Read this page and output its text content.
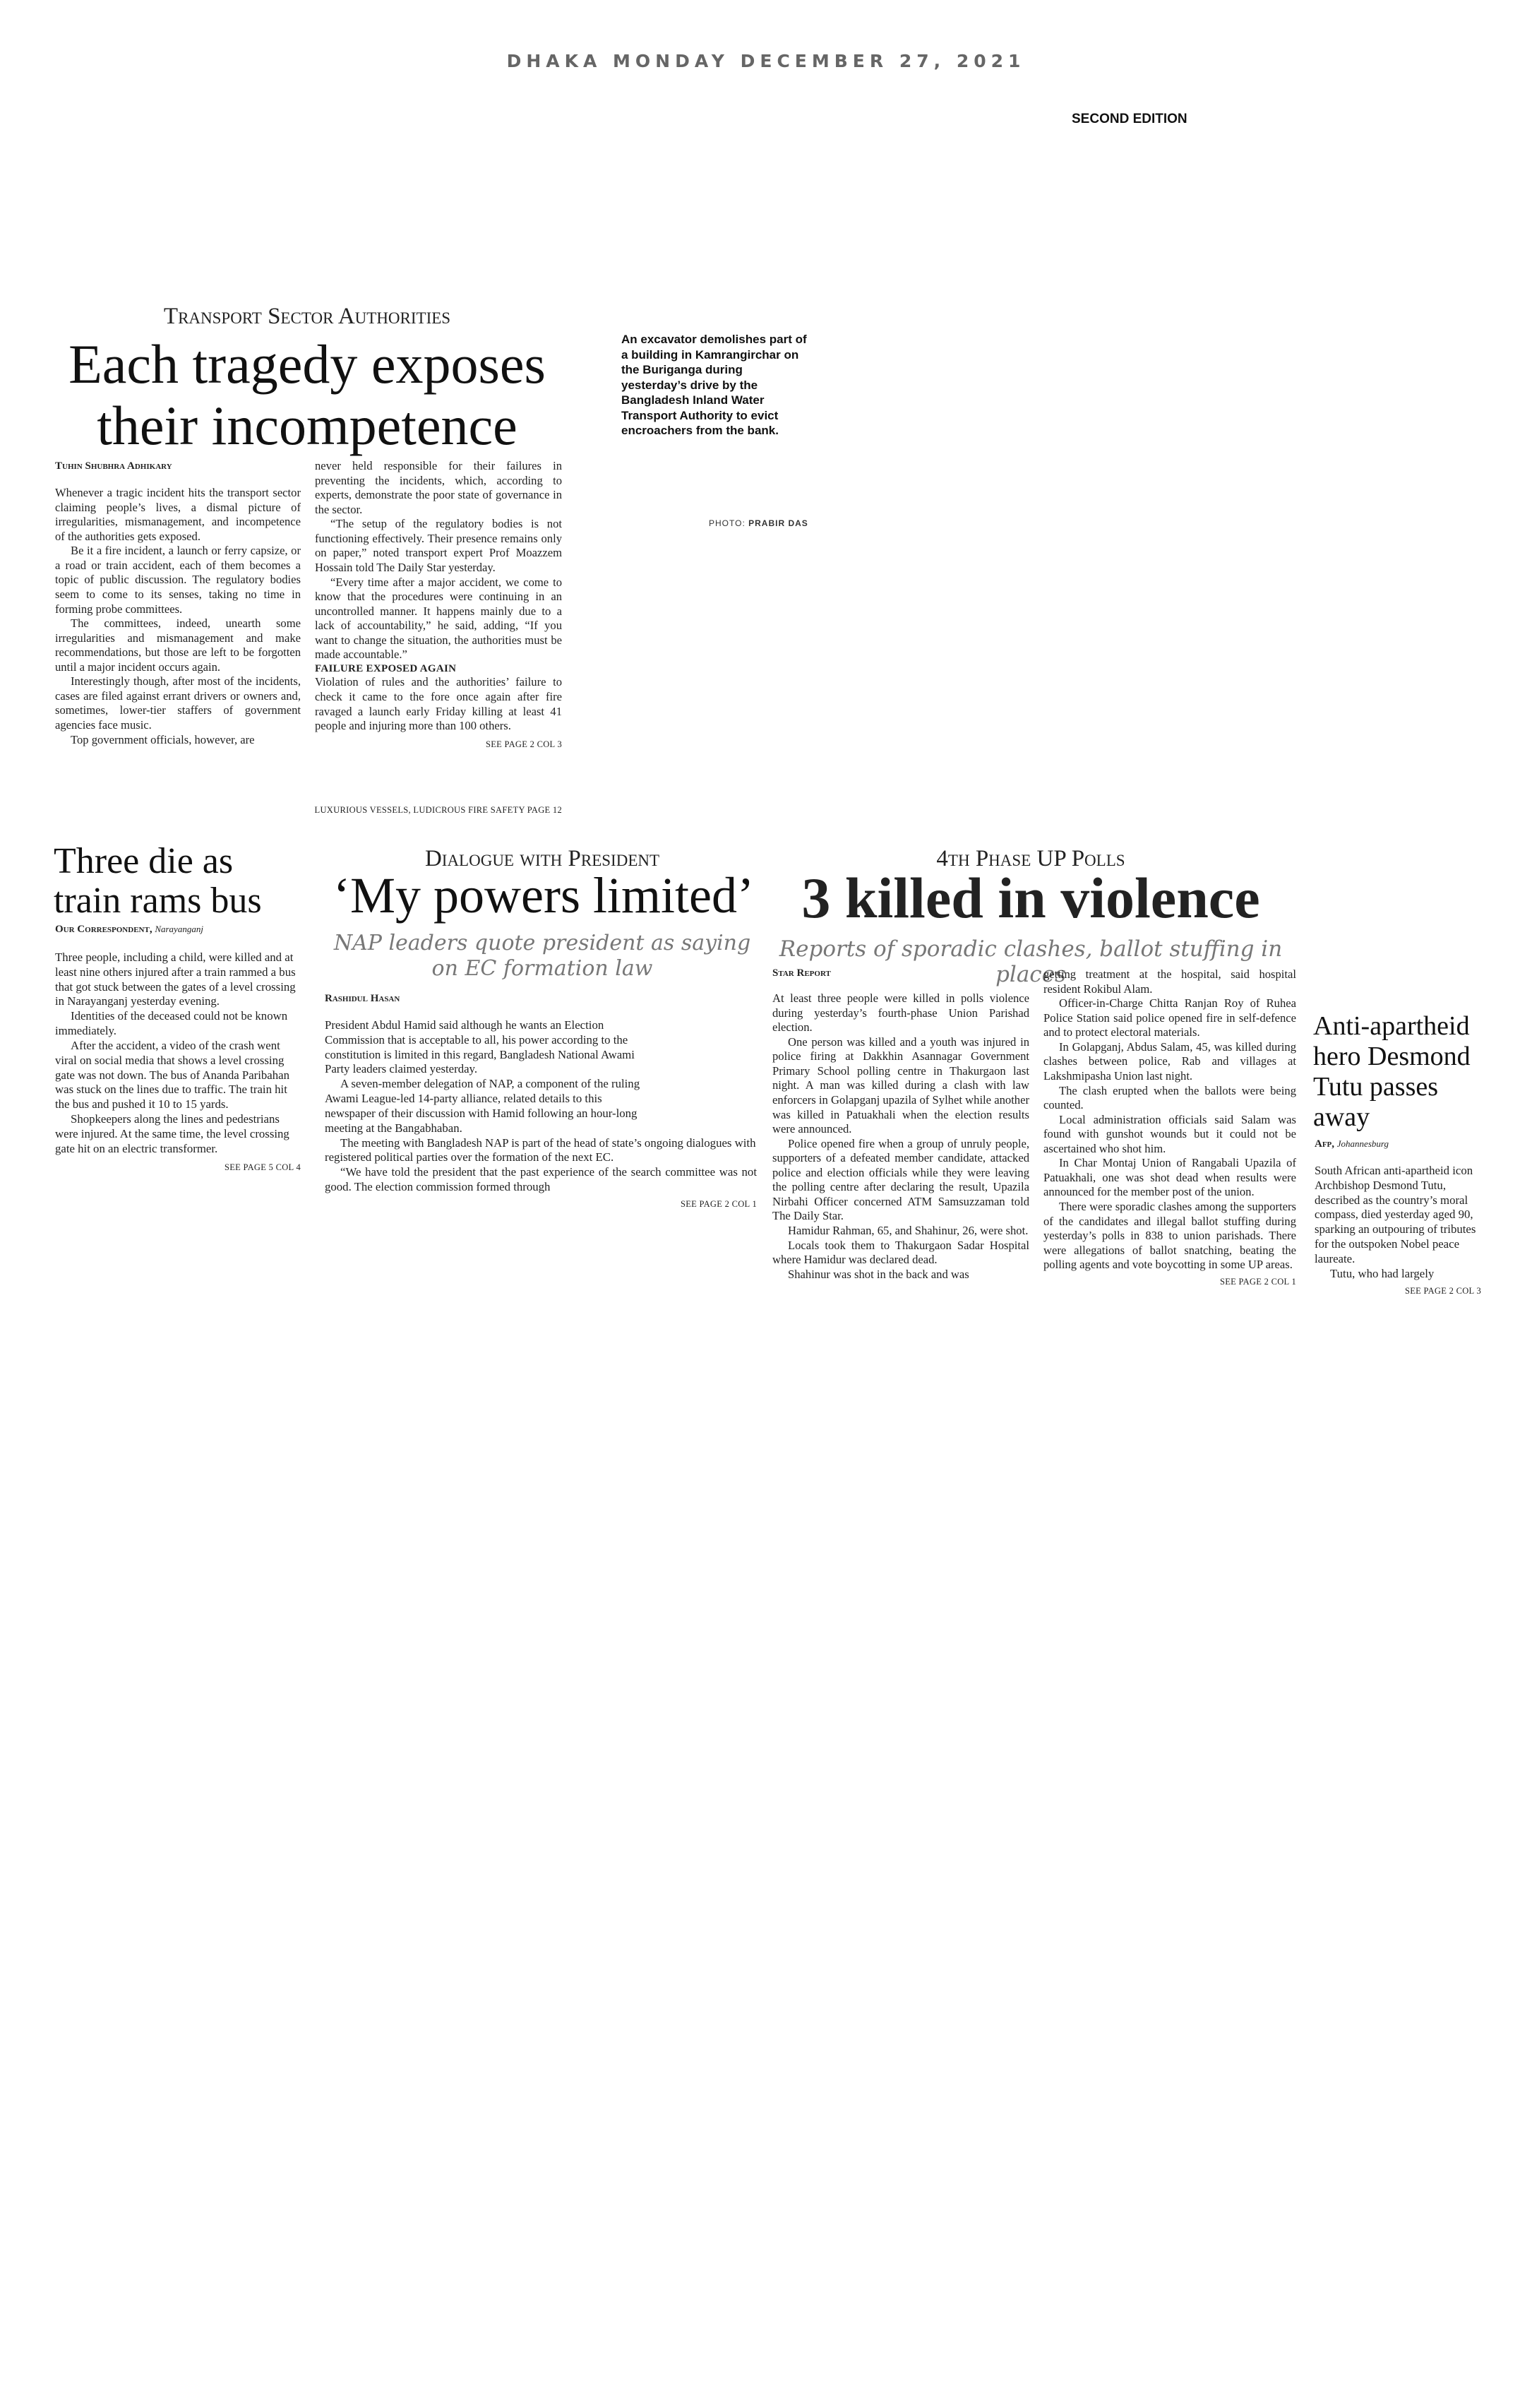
DHAKA MONDAY DECEMBER 27, 2021
SECOND EDITION
Transport Sector Authorities
Each tragedy exposes
their incompetence
Tuhin Shubhra Adhikary

Whenever a tragic incident hits the transport sector claiming people’s lives, a dismal picture of irregularities, mismanagement, and incompetence of the authorities gets exposed.

Be it a fire incident, a launch or ferry capsize, or a road or train accident, each of them becomes a topic of public discussion. The regulatory bodies seem to come to its senses, taking no time in forming probe committees.

The committees, indeed, unearth some irregularities and mismanagement and make recommendations, but those are left to be forgotten until a major incident occurs again.

Interestingly though, after most of the incidents, cases are filed against errant drivers or owners and, sometimes, lower-tier staffers of government agencies face music.

Top government officials, however, are

never held responsible for their failures in preventing the incidents, which, according to experts, demonstrate the poor state of governance in the sector.

“The setup of the regulatory bodies is not functioning effectively. Their presence remains only on paper,” noted transport expert Prof Moazzem Hossain told The Daily Star yesterday.

“Every time after a major accident, we come to know that the procedures were continuing in an uncontrolled manner. It happens mainly due to a lack of accountability,” he said, adding, “If you want to change the situation, the authorities must be made accountable.”

FAILURE EXPOSED AGAIN

Violation of rules and the authorities’ failure to check it came to the fore once again after fire ravaged a launch early Friday killing at least 41 people and injuring more than 100 others.

SEE PAGE 2 COL 3
LUXURIOUS VESSELS, LUDICROUS FIRE SAFETY PAGE 12
An excavator demolishes part of a building in Kamrangirchar on the Buriganga during yesterday’s drive by the Bangladesh Inland Water Transport Authority to evict encroachers from the bank.
PHOTO: PRABIR DAS
Three die as
train rams bus
Our Correspondent, Narayanganj

Three people, including a child, were killed and at least nine others injured after a train rammed a bus that got stuck between the gates of a level crossing in Narayanganj yesterday evening.

Identities of the deceased could not be known immediately.

After the accident, a video of the crash went viral on social media that shows a level crossing gate was not down. The bus of Ananda Paribahan was stuck on the lines due to traffic. The train hit the bus and pushed it 10 to 15 yards.

Shopkeepers along the lines and pedestrians were injured. At the same time, the level crossing gate hit on an electric transformer.

SEE PAGE 5 COL 4
Dialogue with President
‘My powers limited’
NAP leaders quote president as saying
on EC formation law
Rashidul Hasan

President Abdul Hamid said although he wants an Election Commission that is acceptable to all, his power according to the constitution is limited in this regard, Bangladesh National Awami Party leaders claimed yesterday.

A seven-member delegation of NAP, a component of the ruling Awami League-led 14-party alliance, related details to this newspaper of their discussion with Hamid following an hour-long meeting at the Bangabhaban.

The meeting with Bangladesh NAP is part of the head of state’s ongoing dialogues with registered political parties over the formation of the next EC.

“We have told the president that the past experience of the search committee was not good. The election commission formed through

SEE PAGE 2 COL 1
4th Phase UP Polls
3 killed in violence
Reports of sporadic clashes, ballot stuffing in places
Star Report

At least three people were killed in polls violence during yesterday’s fourth-phase Union Parishad election.

One person was killed and a youth was injured in police firing at Dakkhin Asannagar Government Primary School polling centre in Thakurgaon last night. A man was killed during a clash with law enforcers in Golapganj upazila of Sylhet while another was killed in Patuakhali when the election results were announced.

Police opened fire when a group of unruly people, supporters of a defeated member candidate, attacked police and election officials while they were leaving the polling centre after declaring the result, Upazila Nirbahi Officer concerned ATM Samsuzzaman told The Daily Star.

Hamidur Rahman, 65, and Shahinur, 26, were shot.

Locals took them to Thakurgaon Sadar Hospital where Hamidur was declared dead.

Shahinur was shot in the back and was

getting treatment at the hospital, said hospital resident Rokibul Alam.

Officer-in-Charge Chitta Ranjan Roy of Ruhea Police Station said police opened fire in self-defence and to protect electoral materials.

In Golapganj, Abdus Salam, 45, was killed during clashes between police, Rab and villages at Lakshmipasha Union last night.

The clash erupted when the ballots were being counted.

Local administration officials said Salam was found with gunshot wounds but it could not be ascertained who shot him.

In Char Montaj Union of Rangabali Upazila of Patuakhali, one was shot dead when results were announced for the member post of the union.

There were sporadic clashes among the supporters of the candidates and illegal ballot stuffing during yesterday’s polls in 838 to union parishads. There were allegations of ballot snatching, beating the polling agents and vote boycotting in some UP areas.

SEE PAGE 2 COL 1
Anti-apartheid
hero Desmond
Tutu passes
away
Afp, Johannesburg

South African anti-apartheid icon Archbishop Desmond Tutu, described as the country’s moral compass, died yesterday aged 90, sparking an outpouring of tributes for the outspoken Nobel peace laureate.

Tutu, who had largely

SEE PAGE 2 COL 3
